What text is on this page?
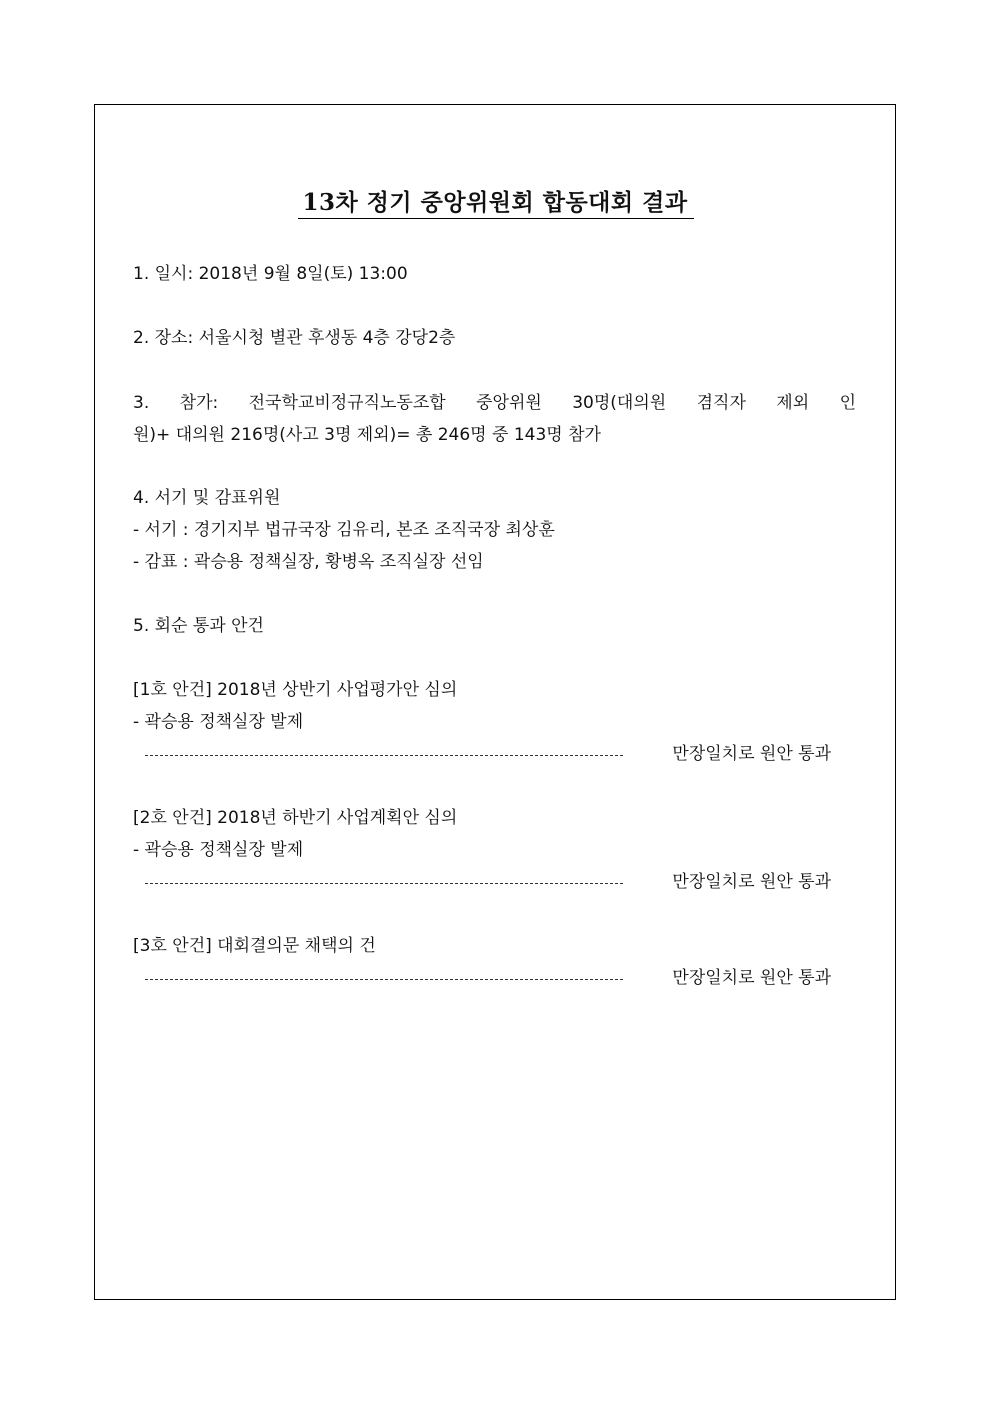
13차 정기 중앙위원회 합동대회 결과
1. 일시: 2018년 9월 8일(토) 13:00
2. 장소: 서울시청 별관 후생동 4층 강당2층
3. 참가: 전국학교비정규직노동조합 중앙위원 30명(대의원 겸직자 제외 인
원)+ 대의원 216명(사고 3명 제외)= 총 246명 중 143명 참가
4. 서기 및 감표위원
- 서기 : 경기지부 법규국장 김유리, 본조 조직국장 최상훈
- 감표 : 곽승용 정책실장, 황병옥 조직실장 선임
5. 회순 통과 안건
[1호 안건] 2018년 상반기 사업평가안 심의
- 곽승용 정책실장 발제
만장일치로 원안 통과
[2호 안건] 2018년 하반기 사업계획안 심의
- 곽승용 정책실장 발제
만장일치로 원안 통과
[3호 안건] 대회결의문 채택의 건
만장일치로 원안 통과
